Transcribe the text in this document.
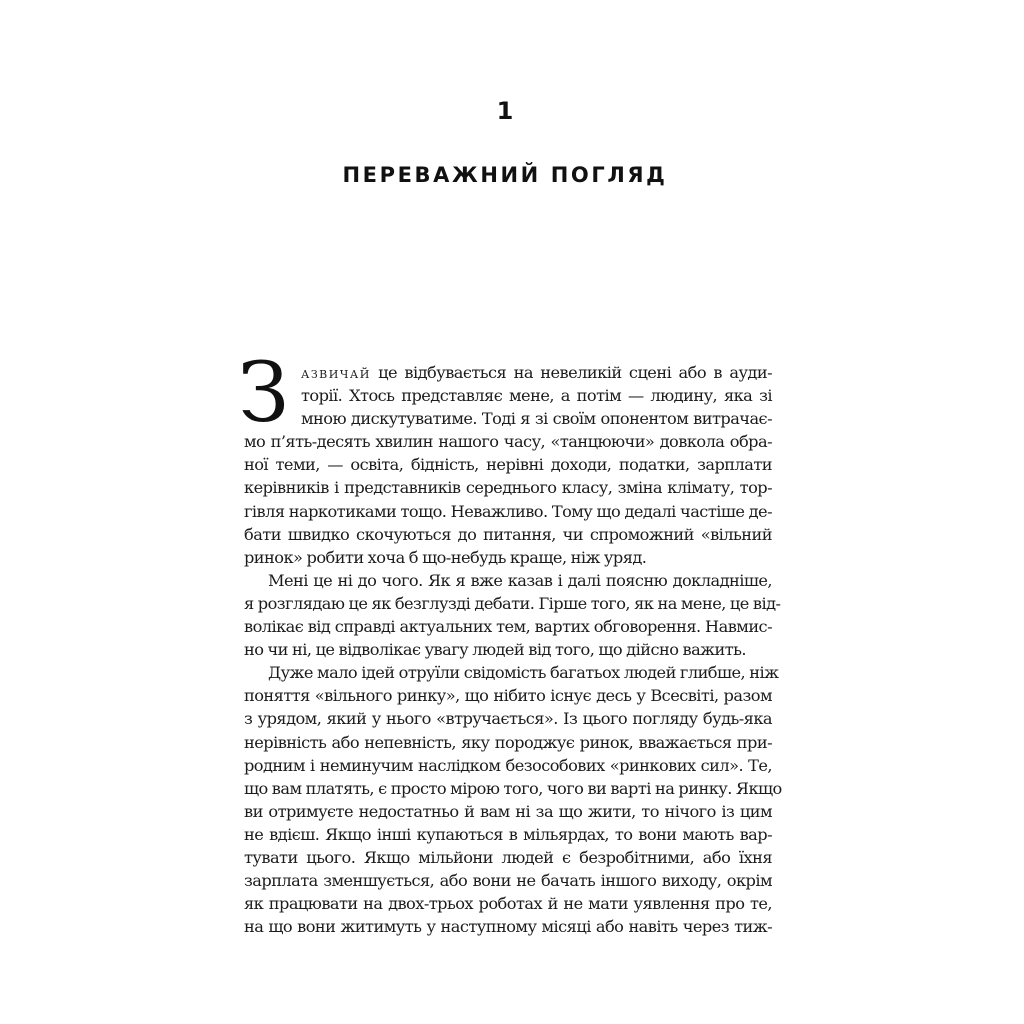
1
ПЕРЕВАЖНИЙ ПОГЛЯД
З азвичай це відбувається на невеликій сцені або в ауди-
торії. Хтось представляє мене, а потім — людину, яка зі
мною дискутуватиме. Тоді я зі своїм опонентом витрачає-
мо п’ять-десять хвилин нашого часу, «танцюючи» довкола обра-
ної теми, — освіта, бідність, нерівні доходи, податки, зарплати
керівників і представників середнього класу, зміна клімату, тор-
гівля наркотиками тощо. Неважливо. Тому що дедалі частіше де-
бати швидко скочуються до питання, чи спроможний «вільний
ринок» робити хоча б що-небудь краще, ніж уряд.
Мені це ні до чого. Як я вже казав і далі поясню докладніше,
я розглядаю це як безглузді дебати. Гірше того, як на мене, це від-
волікає від справді актуальних тем, вартих обговорення. Навмис-
но чи ні, це відволікає увагу людей від того, що дійсно важить.
Дуже мало ідей отруїли свідомість багатьох людей глибше, ніж
поняття «вільного ринку», що нібито існує десь у Всесвіті, разом
з урядом, який у нього «втручається». Із цього погляду будь-яка
нерівність або непевність, яку породжує ринок, вважається при-
родним і неминучим наслідком безособових «ринкових сил». Те,
що вам платять, є просто мірою того, чого ви варті на ринку. Якщо
ви отримуєте недостатньо й вам ні за що жити, то нічого із цим
не вдієш. Якщо інші купаються в мільярдах, то вони мають вар-
тувати цього. Якщо мільйони людей є безробітними, або їхня
зарплата зменшується, або вони не бачать іншого виходу, окрім
як працювати на двох-трьох роботах й не мати уявлення про те,
на що вони житимуть у наступному місяці або навіть через тиж-
